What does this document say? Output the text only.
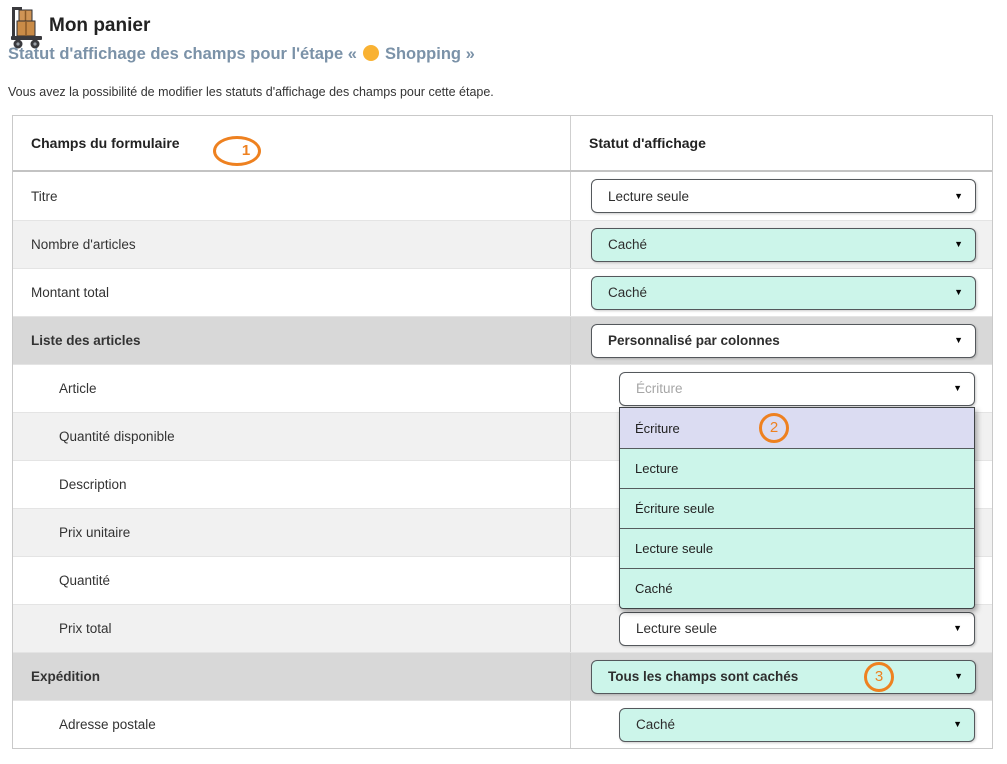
Mon panier
Statut d'affichage des champs pour l'étape « Shopping »
Vous avez la possibilité de modifier les statuts d'affichage des champs pour cette étape.
Champs du formulaire	1	Statut d'affichage
Titre	Lecture seule	▼
Nombre d'articles	Caché	▼
Montant total	Caché	▼
Liste des articles	Personnalisé par colonnes	▼
Article	Écriture	▼
Écriture	2
Lecture
Écriture seule
Lecture seule
Caché
Quantité disponible
Description
Prix unitaire
Quantité
Prix total	Lecture seule	▼
Expédition	Tous les champs sont cachés	3	▼
Adresse postale	Caché	▼
